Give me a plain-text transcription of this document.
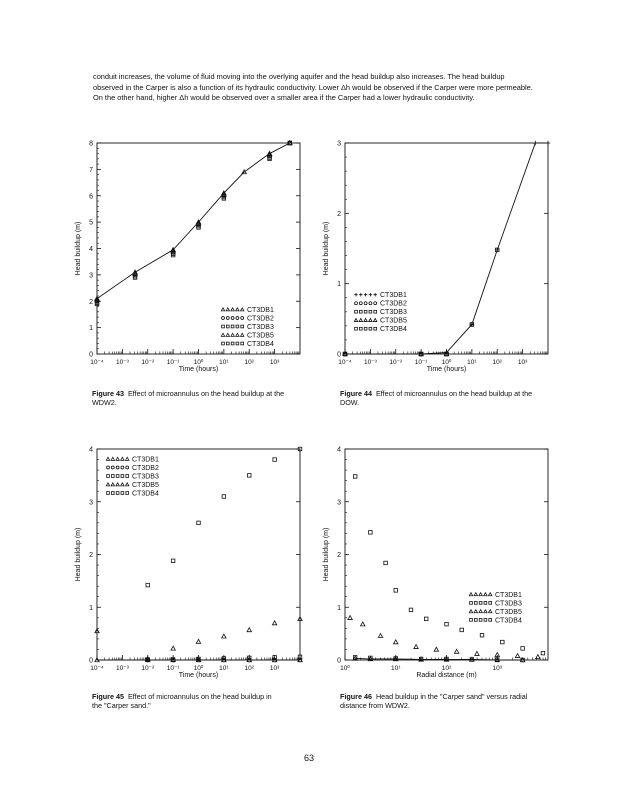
conduit increases, the volume of fluid moving into the overlying aquifer and the head buildup also increases. The head buildup observed in the Carper is also a function of its hydraulic conductivity. Lower Δh would be observed if the Carper were more permeable. On the other hand, higher Δh would be observed over a smaller area if the Carper had a lower hydraulic conductivity.

0
1
2
3
4
5
6
7
8
10⁻⁴ 10⁻³ 10⁻² 10⁻¹ 10⁰ 10¹ 10² 10³
Time (hours)
Head buildup (m)
CT3DB1
CT3DB2
CT3DB3
CT3DB5
CT3DB4
0
1
2
3
10⁻⁴ 10⁻³ 10⁻² 10⁻¹ 10⁰ 10¹ 10² 10³
Time (hours)
Head buildup (m)
CT3DB1
CT3DB2
CT3DB3
CT3DB5
CT3DB4
0
1
2
3
4
10⁻⁴ 10⁻³ 10⁻² 10⁻¹ 10⁰ 10¹ 10² 10³
Time (hours)
Head buildup (m)
CT3DB1
CT3DB2
CT3DB3
CT3DB5
CT3DB4
0
1
2
3
4
10⁰	10¹	10²	10³
Radial distance (m)
Head buildup (m)
CT3DB1
CT3DB3
CT3DB5
CT3DB4

Figure 43 Effect of microannulus on the head buildup at the WDW2.

Figure 44 Effect of microannulus on the head buildup at the DOW.

Figure 45 Effect of microannulus on the head buildup in the "Carper sand."

Figure 46 Head buildup in the "Carper sand" versus radial distance from WDW2.

63
